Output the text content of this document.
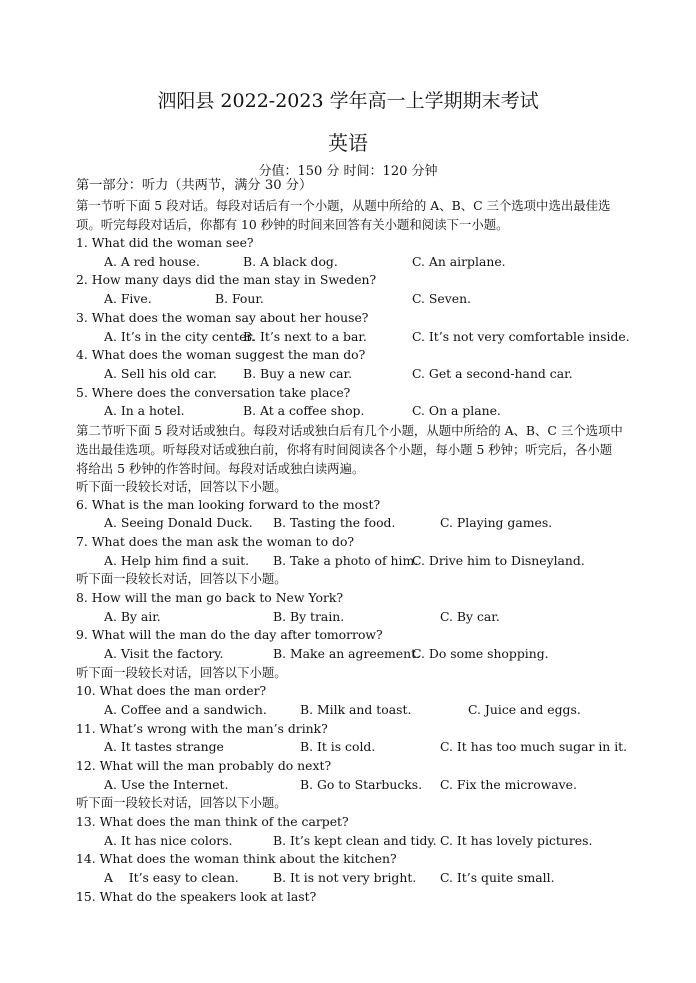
泗阳县 2022-2023 学年高一上学期期末考试
英语
分值：150 分 时间：120 分钟
第一部分：听力（共两节，满分 30 分）
第一节听下面 5 段对话。每段对话后有一个小题，从题中所给的 A、B、C 三个选项中选出最佳选项。听完每段对话后，你都有 10 秒钟的时间来回答有关小题和阅读下一小题。
1. What did the woman see?
A. A red house.	B. A black dog.	C. An airplane.
2. How many days did the man stay in Sweden?
A. Five.	B. Four.	C. Seven.
3. What does the woman say about her house?
A. It’s in the city center.
B. It’s next to a bar.	C. It’s not very comfortable inside.
4. What does the woman suggest the man do?
A. Sell his old car. B. Buy a new car.	C. Get a second-hand car.
5. Where does the conversation take place?
A. In a hotel.	B. At a coffee shop.	C. On a plane.
第二节听下面 5 段对话或独白。每段对话或独白后有几个小题，从题中所给的 A、B、C 三个选项中选出最佳选项。听每段对话或独白前，你将有时间阅读各个小题，每小题 5 秒钟；听完后，各小题将给出 5 秒钟的作答时间。每段对话或独白读两遍。
听下面一段较长对话，回答以下小题。
6. What is the man looking forward to the most?
A. Seeing Donald Duck. B. Tasting the food.	C. Playing games.
7. What does the man ask the woman to do?
A. Help him find a suit. B. Take a photo of him.
C. Drive him to Disneyland.
听下面一段较长对话，回答以下小题。
8. How will the man go back to New York?
A. By air.	B. By train.	C. By car.
9. What will the man do the day after tomorrow?
A. Visit the factory.	B. Make an agreement.
C. Do some shopping.
听下面一段较长对话，回答以下小题。
10. What does the man order?
A. Coffee and a sandwich.	B. Milk and toast.	C. Juice and eggs.
11. What’s wrong with the man’s drink?
A. It tastes strange	B. It is cold.	C. It has too much sugar in it.
12. What will the man probably do next?
A. Use the Internet.	B. Go to Starbucks. C. Fix the microwave.
听下面一段较长对话，回答以下小题。
13. What does the man think of the carpet?
A. It has nice colors.	B. It’s kept clean and tidy. C. It has lovely pictures.
14. What does the woman think about the kitchen?
A    It’s easy to clean.	B. It is not very bright. C. It’s quite small.
15. What do the speakers look at last?
